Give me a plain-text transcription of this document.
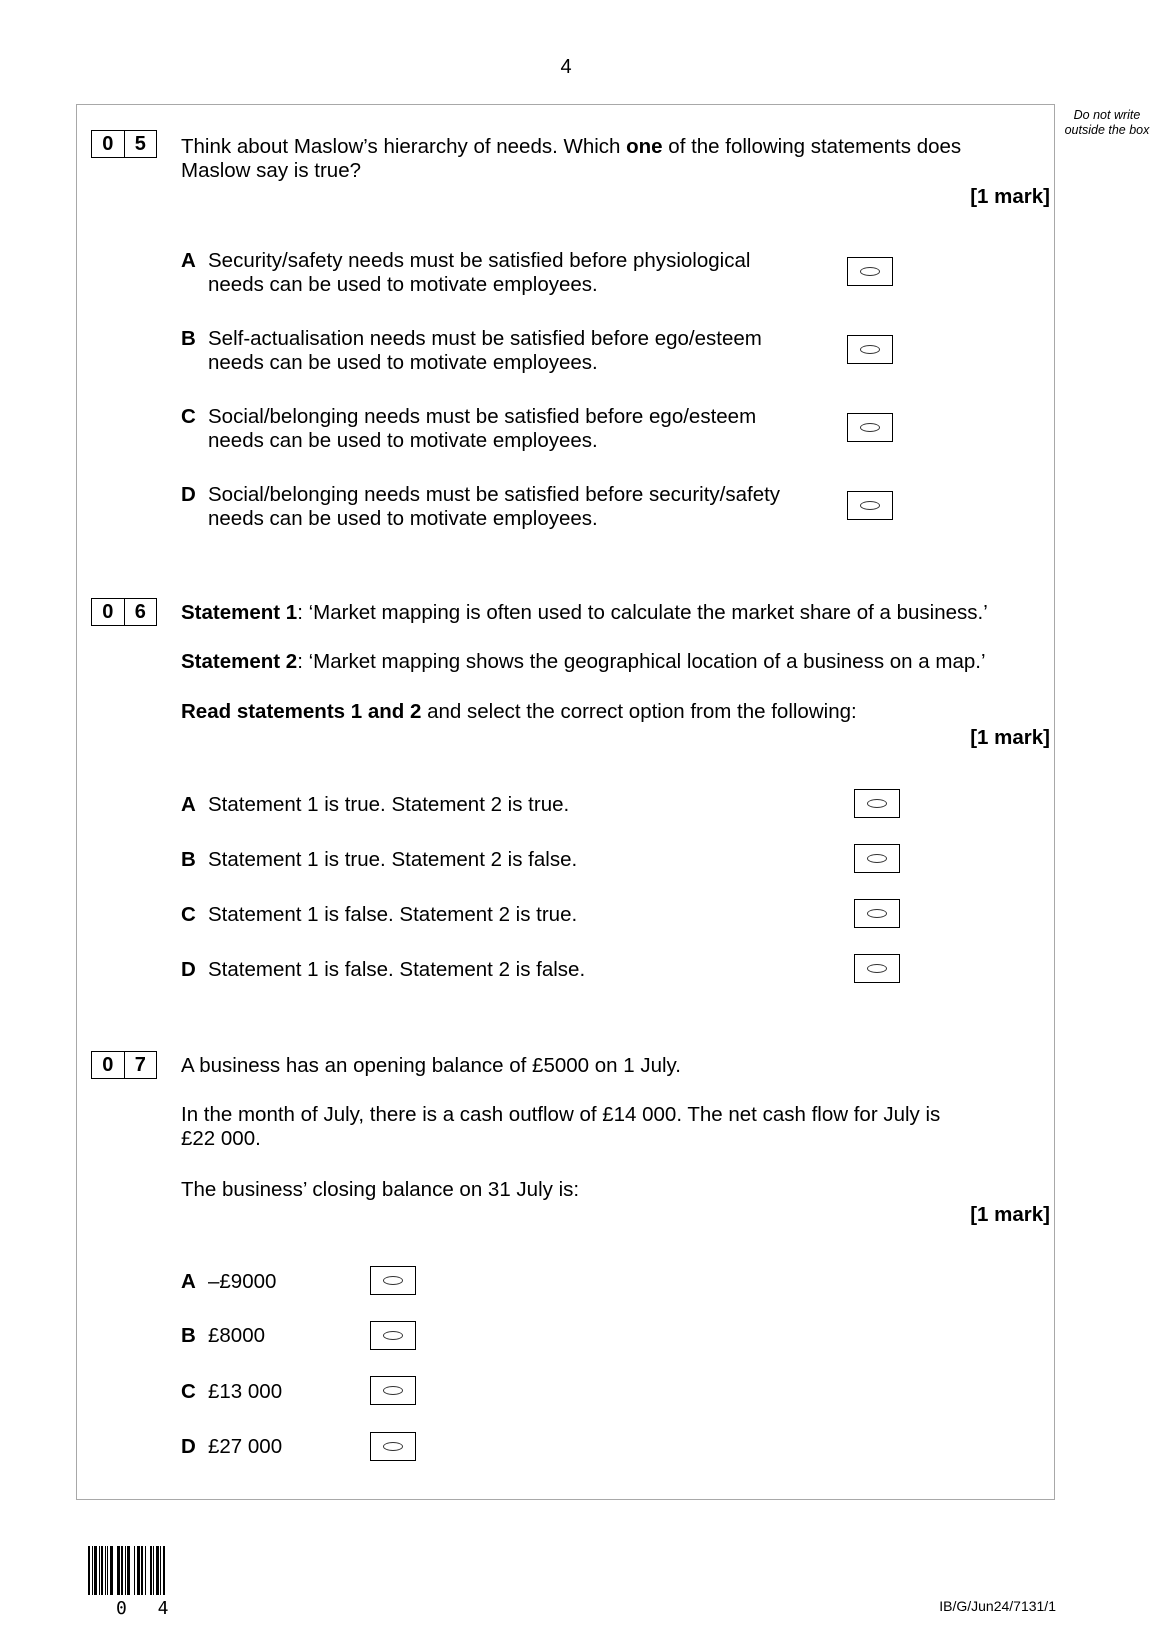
4
Do not write outside the box
0	5	Think about Maslow’s hierarchy of needs. Which one of the following statements does
Maslow say is true?
[1 mark]
A Security/safety needs must be satisfied before physiological
needs can be used to motivate employees.
B Self-actualisation needs must be satisfied before ego/esteem
needs can be used to motivate employees.
C Social/belonging needs must be satisfied before ego/esteem
needs can be used to motivate employees.
D Social/belonging needs must be satisfied before security/safety
needs can be used to motivate employees.
0	6	Statement 1: ‘Market mapping is often used to calculate the market share of a business.’
Statement 2: ‘Market mapping shows the geographical location of a business on a map.’
Read statements 1 and 2 and select the correct option from the following:
[1 mark]
A Statement 1 is true. Statement 2 is true.
B Statement 1 is true. Statement 2 is false.
C Statement 1 is false. Statement 2 is true.
D Statement 1 is false. Statement 2 is false.
0	7	A business has an opening balance of £5000 on 1 July.
In the month of July, there is a cash outflow of £14 000. The net cash flow for July is
£22 000.
The business’ closing balance on 31 July is:
[1 mark]
A –£9000
B £8000
C £13 000
D £27 000
0 4	IB/G/Jun24/7131/1
